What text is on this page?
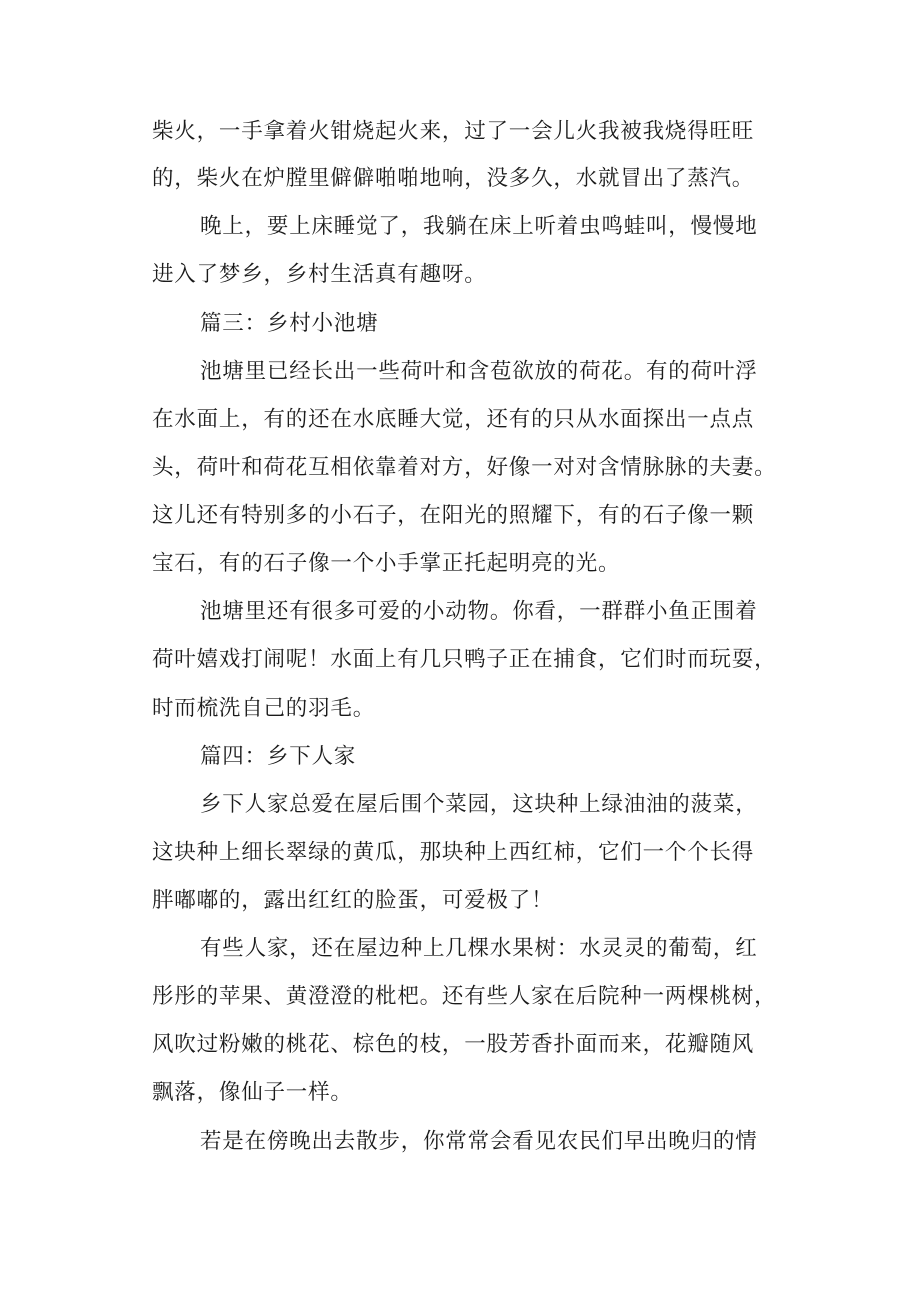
柴火，一手拿着火钳烧起火来，过了一会儿火我被我烧得旺旺
的，柴火在炉膛里僻僻啪啪地响，没多久，水就冒出了蒸汽。
晚上，要上床睡觉了，我躺在床上听着虫鸣蛙叫，慢慢地
进入了梦乡，乡村生活真有趣呀。
篇三：乡村小池塘
池塘里已经长出一些荷叶和含苞欲放的荷花。有的荷叶浮
在水面上，有的还在水底睡大觉，还有的只从水面探出一点点
头，荷叶和荷花互相依靠着对方，好像一对对含情脉脉的夫妻。
这儿还有特别多的小石子，在阳光的照耀下，有的石子像一颗
宝石，有的石子像一个小手掌正托起明亮的光。
池塘里还有很多可爱的小动物。你看，一群群小鱼正围着
荷叶嬉戏打闹呢！水面上有几只鸭子正在捕食，它们时而玩耍，
时而梳洗自己的羽毛。
篇四：乡下人家
乡下人家总爱在屋后围个菜园，这块种上绿油油的菠菜，
这块种上细长翠绿的黄瓜，那块种上西红柿，它们一个个长得
胖嘟嘟的，露出红红的脸蛋，可爱极了！
有些人家，还在屋边种上几棵水果树：水灵灵的葡萄，红
彤彤的苹果、黄澄澄的枇杷。还有些人家在后院种一两棵桃树，
风吹过粉嫩的桃花、棕色的枝，一股芳香扑面而来，花瓣随风
飘落，像仙子一样。
若是在傍晚出去散步，你常常会看见农民们早出晚归的情
